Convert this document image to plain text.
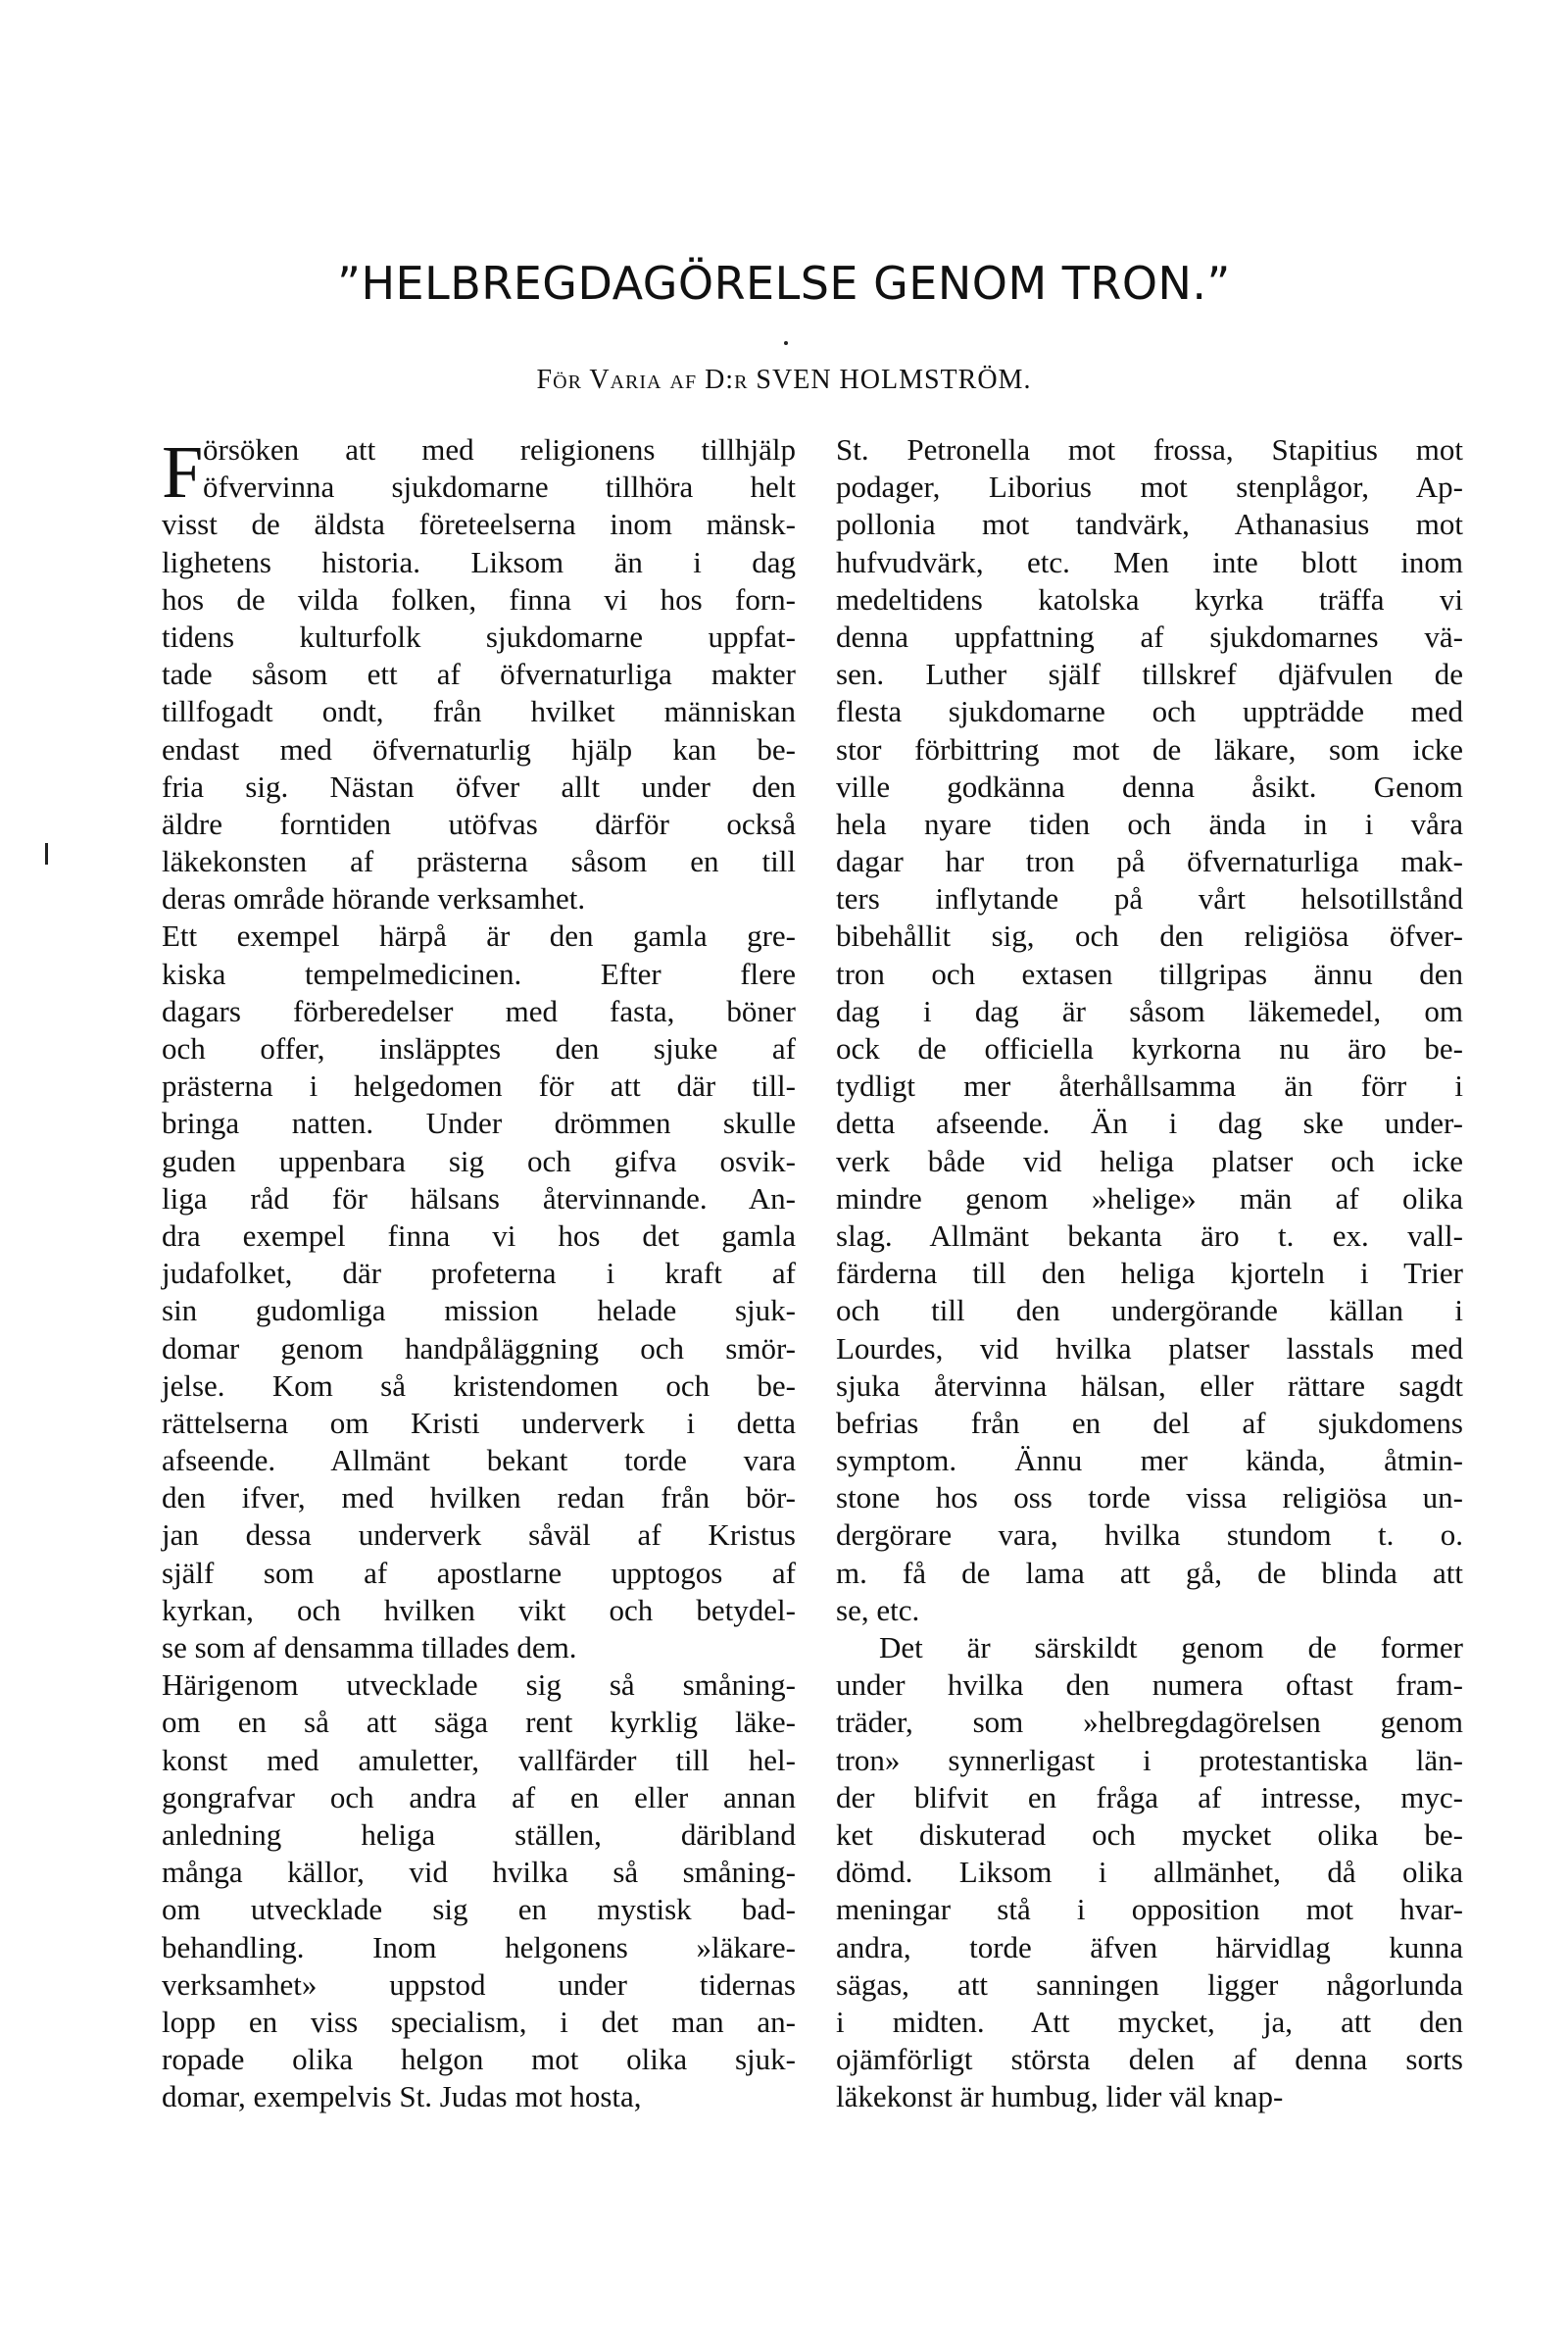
”HELBREGDAGÖRELSE GENOM TRON.”
För Varia af D:r SVEN HOLMSTRÖM.
F örsöken att med religionens tillhjälp
öfvervinna sjukdomarne tillhöra helt
visst de äldsta företeelserna inom mänsk-
lighetens historia. Liksom än i dag
hos de vilda folken, finna vi hos forn-
tidens kulturfolk sjukdomarne uppfat-
tade såsom ett af öfvernaturliga makter
tillfogadt ondt, från hvilket människan
endast med öfvernaturlig hjälp kan be-
fria sig. Nästan öfver allt under den
äldre forntiden utöfvas därför också
läkekonsten af prästerna såsom en till
deras område hörande verksamhet.
Ett exempel härpå är den gamla gre-
kiska tempelmedicinen. Efter flere
dagars förberedelser med fasta, böner
och offer, insläpptes den sjuke af
prästerna i helgedomen för att där till-
bringa natten. Under drömmen skulle
guden uppenbara sig och gifva osvik-
liga råd för hälsans återvinnande. An-
dra exempel finna vi hos det gamla
judafolket, där profeterna i kraft af
sin gudomliga mission helade sjuk-
domar genom handpåläggning och smör-
jelse. Kom så kristendomen och be-
rättelserna om Kristi underverk i detta
afseende. Allmänt bekant torde vara
den ifver, med hvilken redan från bör-
jan dessa underverk såväl af Kristus
själf som af apostlarne upptogos af
kyrkan, och hvilken vikt och betydel-
se som af densamma tillades dem.
Härigenom utvecklade sig så småning-
om en så att säga rent kyrklig läke-
konst med amuletter, vallfärder till hel-
gongrafvar och andra af en eller annan
anledning heliga ställen, däribland
många källor, vid hvilka så småning-
om utvecklade sig en mystisk bad-
behandling. Inom helgonens »läkare-
verksamhet» uppstod under tidernas
lopp en viss specialism, i det man an-
ropade olika helgon mot olika sjuk-
domar, exempelvis St. Judas mot hosta,
St. Petronella mot frossa, Stapitius mot
podager, Liborius mot stenplågor, Ap-
pollonia mot tandvärk, Athanasius mot
hufvudvärk, etc. Men inte blott inom
medeltidens katolska kyrka träffa vi
denna uppfattning af sjukdomarnes vä-
sen. Luther själf tillskref djäfvulen de
flesta sjukdomarne och uppträdde med
stor förbittring mot de läkare, som icke
ville godkänna denna åsikt. Genom
hela nyare tiden och ända in i våra
dagar har tron på öfvernaturliga mak-
ters inflytande på vårt helsotillstånd
bibehållit sig, och den religiösa öfver-
tron och extasen tillgripas ännu den
dag i dag är såsom läkemedel, om
ock de officiella kyrkorna nu äro be-
tydligt mer återhållsamma än förr i
detta afseende. Än i dag ske under-
verk både vid heliga platser och icke
mindre genom »helige» män af olika
slag. Allmänt bekanta äro t. ex. vall-
färderna till den heliga kjorteln i Trier
och till den undergörande källan i
Lourdes, vid hvilka platser lasstals med
sjuka återvinna hälsan, eller rättare sagdt
befrias från en del af sjukdomens
symptom. Ännu mer kända, åtmin-
stone hos oss torde vissa religiösa un-
dergörare vara, hvilka stundom t. o.
m. få de lama att gå, de blinda att
se, etc.
Det är särskildt genom de former
under hvilka den numera oftast fram-
träder, som »helbregdagörelsen genom
tron» synnerligast i protestantiska län-
der blifvit en fråga af intresse, myc-
ket diskuterad och mycket olika be-
dömd. Liksom i allmänhet, då olika
meningar stå i opposition mot hvar-
andra, torde äfven härvidlag kunna
sägas, att sanningen ligger någorlunda
i midten. Att mycket, ja, att den
ojämförligt största delen af denna sorts
läkekonst är humbug, lider väl knap-
